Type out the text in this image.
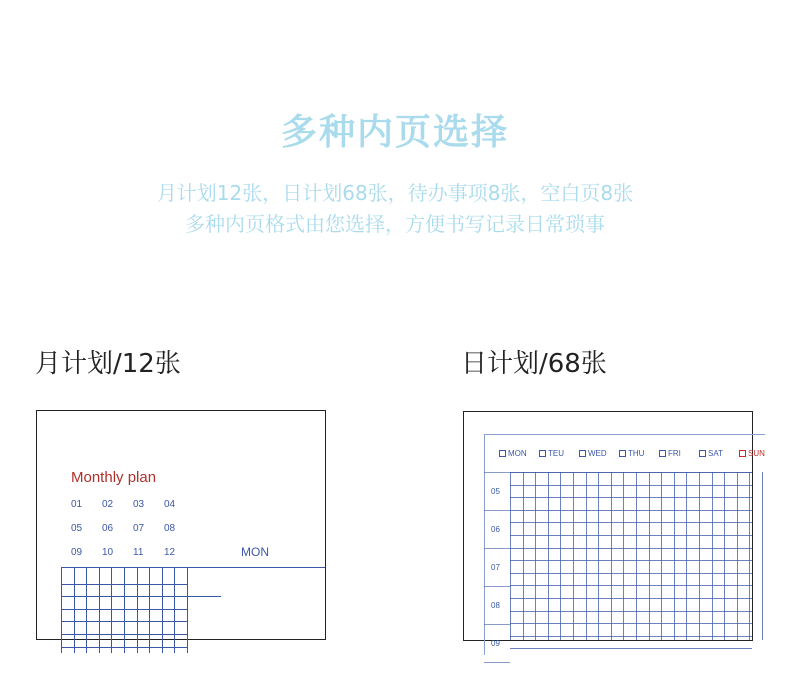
多种内页选择
月计划12张，日计划68张，待办事项8张，空白页8张
多种内页格式由您选择，方便书写记录日常琐事
月计划/12张	日计划/68张
Monthly plan
01 02 03 04
05 06 07 08
09 10 11 12	MON
MON	TEU	WED	THU	FRI	SAT	SUN
05
06
07
08
09
